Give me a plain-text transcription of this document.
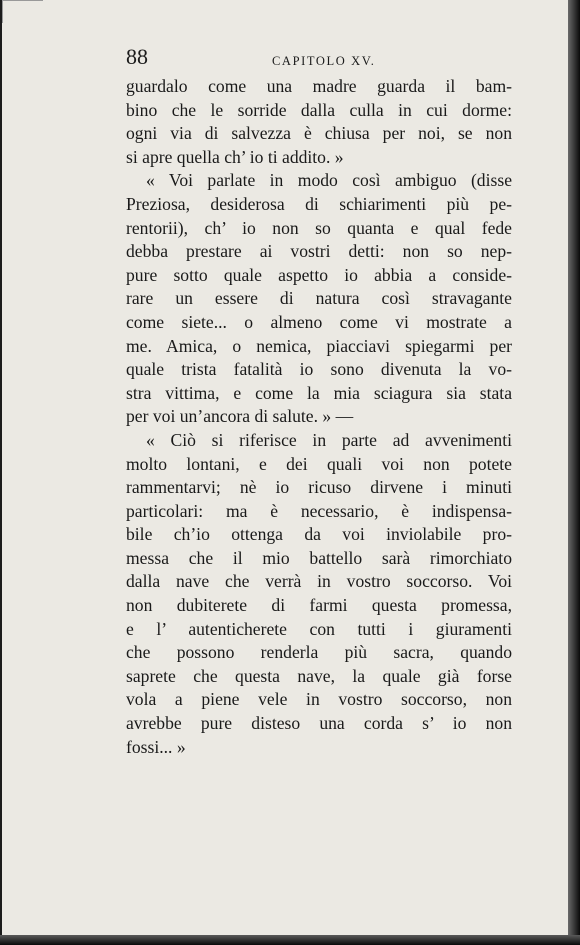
88	CAPITOLO XV.
guardalo come una madre guarda il bam-
bino che le sorride dalla culla in cui dorme:
ogni via di salvezza è chiusa per noi, se non
si apre quella ch’ io ti addito. »
« Voi parlate in modo così ambiguo (disse
Preziosa, desiderosa di schiarimenti più pe-
rentorii), ch’ io non so quanta e qual fede
debba prestare ai vostri detti: non so nep-
pure sotto quale aspetto io abbia a conside-
rare un essere di natura così stravagante
come siete... o almeno come vi mostrate a
me. Amica, o nemica, piacciavi spiegarmi per
quale trista fatalità io sono divenuta la vo-
stra vittima, e come la mia sciagura sia stata
per voi un’ancora di salute. » —
« Ciò si riferisce in parte ad avvenimenti
molto lontani, e dei quali voi non potete
rammentarvi; nè io ricuso dirvene i minuti
particolari: ma è necessario, è indispensa-
bile ch’io ottenga da voi inviolabile pro-
messa che il mio battello sarà rimorchiato
dalla nave che verrà in vostro soccorso. Voi
non dubiterete di farmi questa promessa,
e l’ autenticherete con tutti i giuramenti
che possono renderla più sacra, quando
saprete che questa nave, la quale già forse
vola a piene vele in vostro soccorso, non
avrebbe pure disteso una corda s’ io non
fossi... »
